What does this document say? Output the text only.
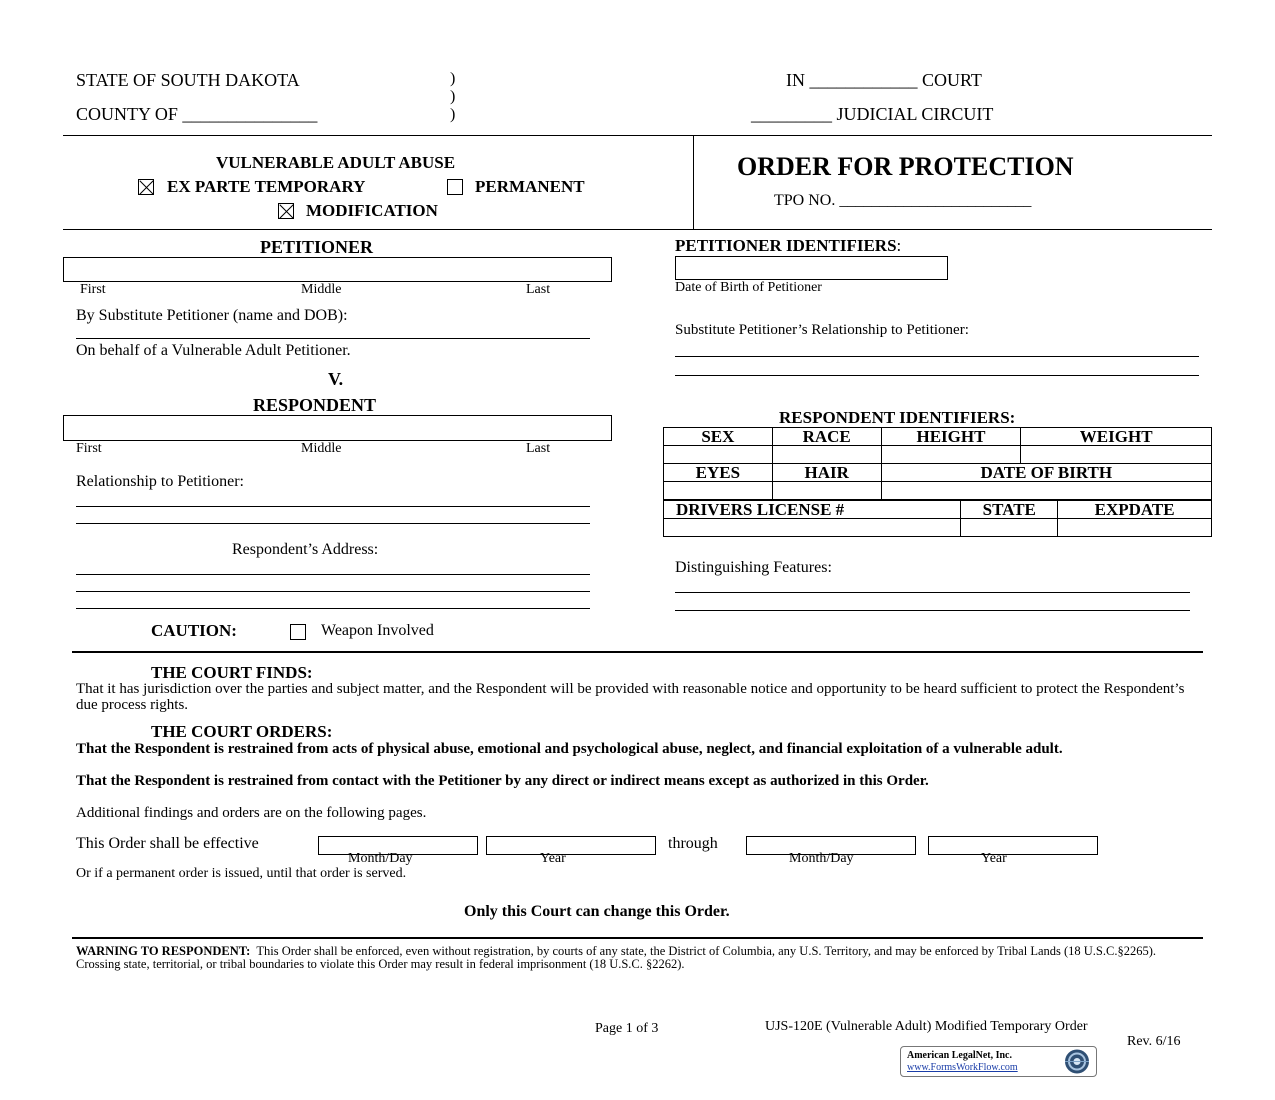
STATE OF SOUTH DAKOTA
COUNTY OF _______________
)
)
)
IN ____________ COURT
_________ JUDICIAL CIRCUIT
VULNERABLE ADULT ABUSE
EX PARTE TEMPORARY	PERMANENT
MODIFICATION
ORDER FOR PROTECTION
TPO NO. ________________________
PETITIONER
First	Middle	Last
By Substitute Petitioner (name and DOB):
On behalf of a Vulnerable Adult Petitioner.
V.
RESPONDENT
First	Middle	Last
Relationship to Petitioner:
Respondent’s Address:
CAUTION:	Weapon Involved
PETITIONER IDENTIFIERS:
Date of Birth of Petitioner
Substitute Petitioner’s Relationship to Petitioner:
RESPONDENT IDENTIFIERS:
SEX	RACE	HEIGHT	WEIGHT

EYES	HAIR	DATE OF BIRTH	

DRIVERS LICENSE #	STATE	EXPDATE

Distinguishing Features:
THE COURT FINDS:
That it has jurisdiction over the parties and subject matter, and the Respondent will be provided with reasonable notice and opportunity to be heard sufficient to protect the Respondent’s due process rights.
THE COURT ORDERS:
That the Respondent is restrained from acts of physical abuse, emotional and psychological abuse, neglect, and financial exploitation of a vulnerable adult.
That the Respondent is restrained from contact with the Petitioner by any direct or indirect means except as authorized in this Order.
Additional findings and orders are on the following pages.
This Order shall be effective	through
Month/Day	Year	Month/Day	Year
Or if a permanent order is issued, until that order is served.
Only this Court can change this Order.
WARNING TO RESPONDENT: This Order shall be enforced, even without registration, by courts of any state, the District of Columbia, any U.S. Territory, and may be enforced by Tribal Lands (18 U.S.C.§2265). Crossing state, territorial, or tribal boundaries to violate this Order may result in federal imprisonment (18 U.S.C. §2262).
Page 1 of 3	UJS-120E (Vulnerable Adult) Modified Temporary Order
Rev. 6/16
American LegalNet, Inc.
www.FormsWorkFlow.com
